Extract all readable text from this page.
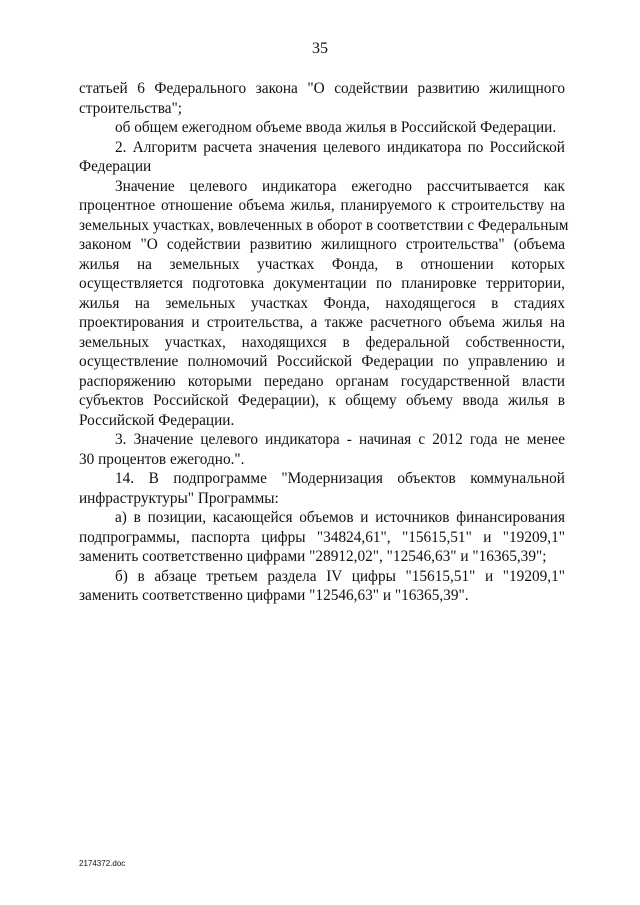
35
статьей 6 Федерального закона "О содействии развитию жилищного
строительства";
об общем ежегодном объеме ввода жилья в Российской Федерации.
2. Алгоритм расчета значения целевого индикатора по Российской
Федерации
Значение целевого индикатора ежегодно рассчитывается как
процентное отношение объема жилья, планируемого к строительству на
земельных участках, вовлеченных в оборот в соответствии с Федеральным
законом "О содействии развитию жилищного строительства" (объема
жилья на земельных участках Фонда, в отношении которых
осуществляется подготовка документации по планировке территории,
жилья на земельных участках Фонда, находящегося в стадиях
проектирования и строительства, а также расчетного объема жилья на
земельных участках, находящихся в федеральной собственности,
осуществление полномочий Российской Федерации по управлению и
распоряжению которыми передано органам государственной власти
субъектов Российской Федерации), к общему объему ввода жилья в
Российской Федерации.
3. Значение целевого индикатора - начиная с 2012 года не менее
30 процентов ежегодно.".
14. В подпрограмме "Модернизация объектов коммунальной
инфраструктуры" Программы:
а) в позиции, касающейся объемов и источников финансирования
подпрограммы, паспорта цифры "34824,61", "15615,51" и "19209,1"
заменить соответственно цифрами "28912,02", "12546,63" и "16365,39";
б) в абзаце третьем раздела IV цифры "15615,51" и "19209,1"
заменить соответственно цифрами "12546,63" и "16365,39".
2174372.doc
